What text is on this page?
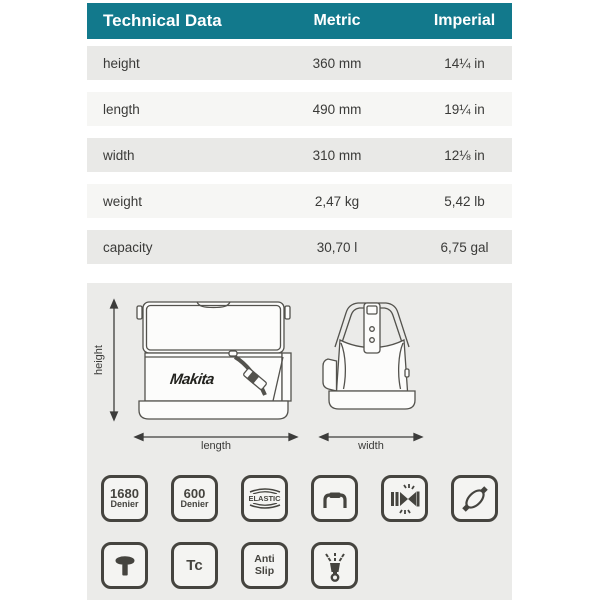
Technical Data	Metric	Imperial
height	360 mm	14¼ in
length	490 mm	19¼ in
width	310 mm	12⅛ in
weight	2,47 kg	5,42 lb
capacity	30,70 l	6,75 gal
Makita
height
length	width
1680
Denier
600
Denier
ELASTIC
Tc	Anti
Slip
